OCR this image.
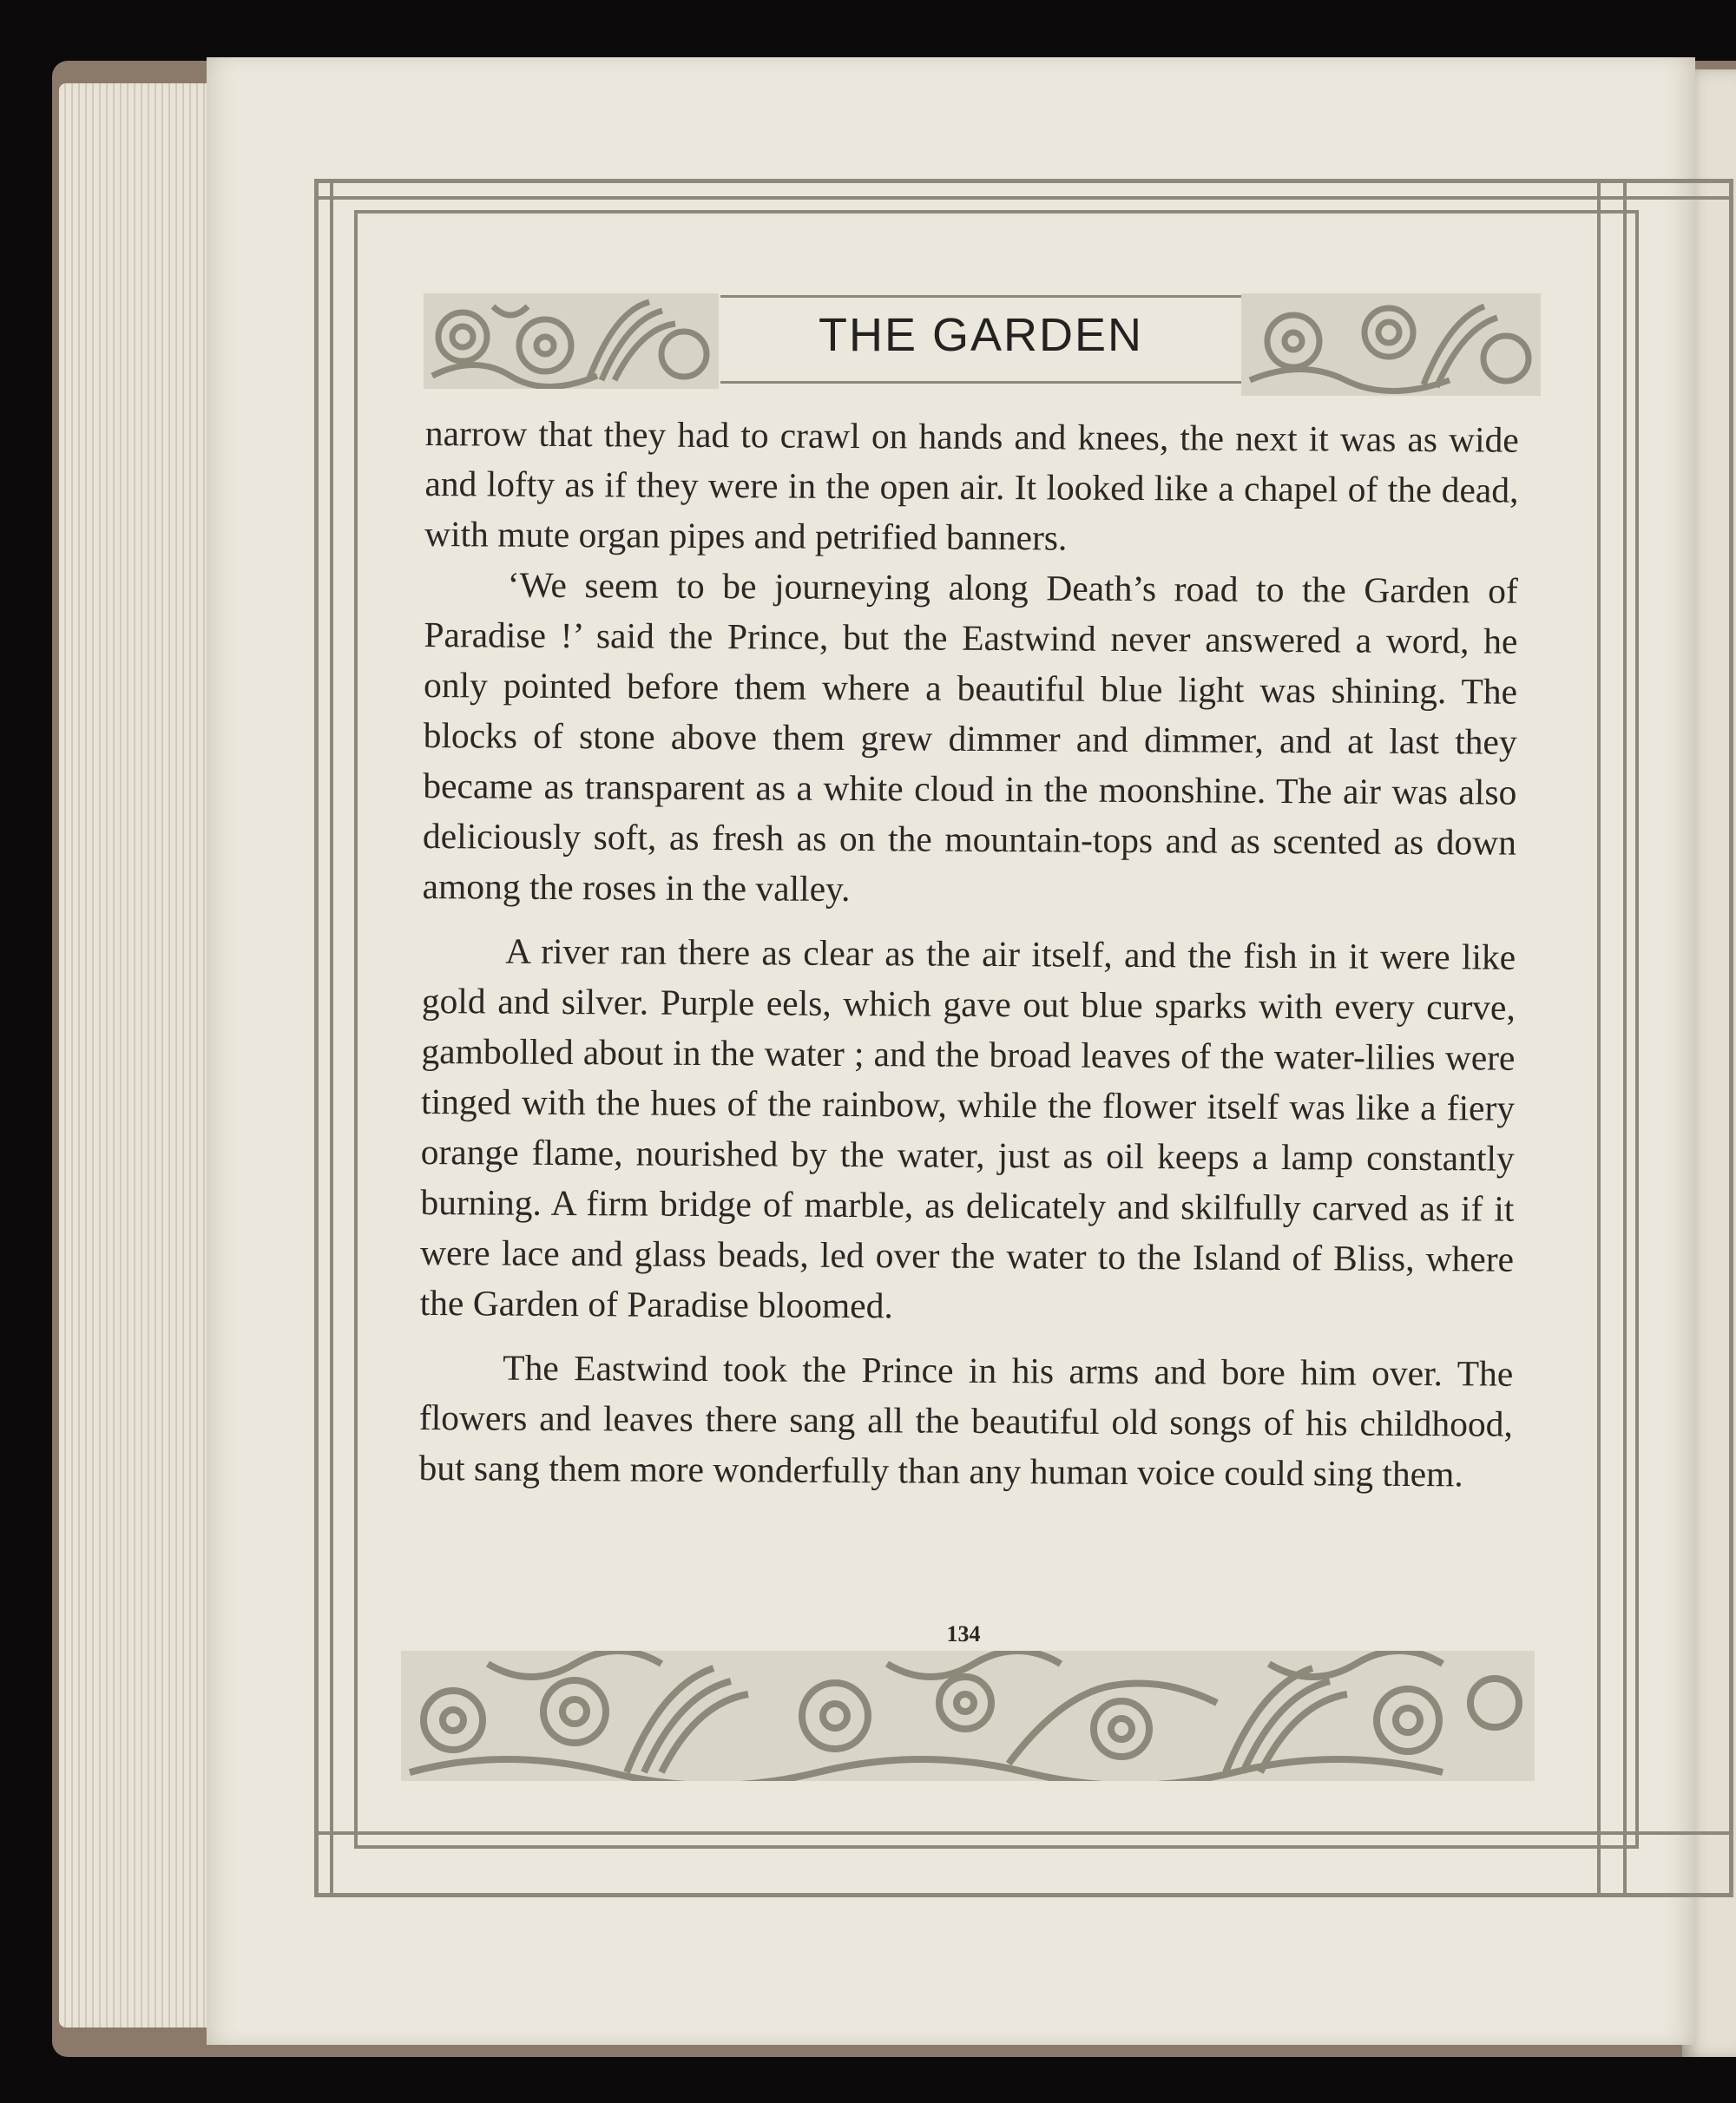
THE GARDEN

narrow that they had to crawl on hands and knees, the next it was as wide and lofty as if they were in the open air. It looked like a chapel of the dead, with mute organ pipes and petrified banners.

‘We seem to be journeying along Death’s road to the Garden of Paradise !’ said the Prince, but the Eastwind never answered a word, he only pointed before them where a beautiful blue light was shining. The blocks of stone above them grew dimmer and dimmer, and at last they became as transparent as a white cloud in the moonshine. The air was also deliciously soft, as fresh as on the mountain-tops and as scented as down among the roses in the valley.

A river ran there as clear as the air itself, and the fish in it were like gold and silver. Purple eels, which gave out blue sparks with every curve, gambolled about in the water ; and the broad leaves of the water-lilies were tinged with the hues of the rainbow, while the flower itself was like a fiery orange flame, nourished by the water, just as oil keeps a lamp constantly burning. A firm bridge of marble, as delicately and skilfully carved as if it were lace and glass beads, led over the water to the Island of Bliss, where the Garden of Paradise bloomed.

The Eastwind took the Prince in his arms and bore him over. The flowers and leaves there sang all the beautiful old songs of his childhood, but sang them more wonderfully than any human voice could sing them.

134
